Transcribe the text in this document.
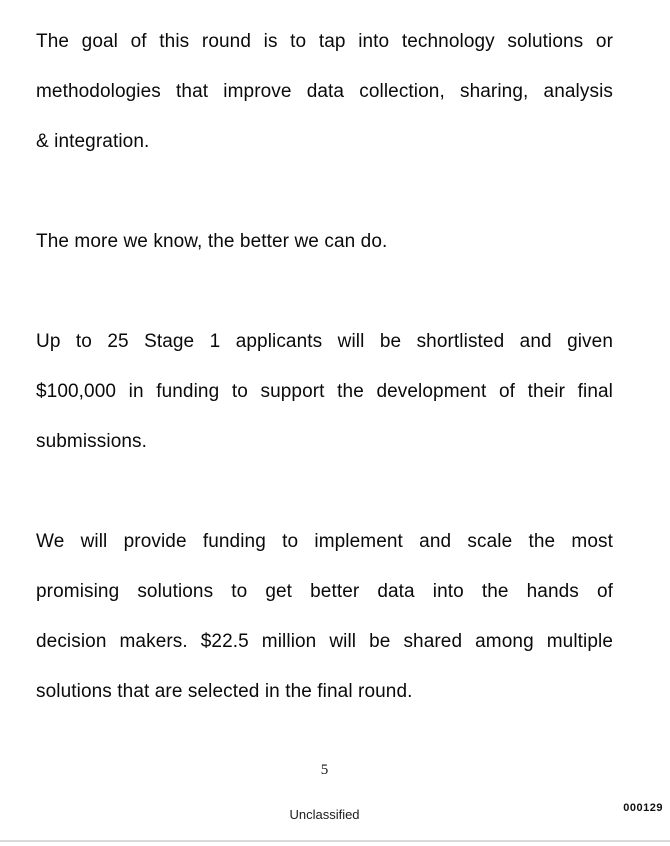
The goal of this round is to tap into technology solutions or
methodologies that improve data collection, sharing, analysis
& integration.

The more we know, the better we can do.

Up to 25 Stage 1 applicants will be shortlisted and given
$100,000 in funding to support the development of their final
submissions.

We will provide funding to implement and scale the most
promising solutions to get better data into the hands of
decision makers. $22.5 million will be shared among multiple
solutions that are selected in the final round.

5
Unclassified	000129
